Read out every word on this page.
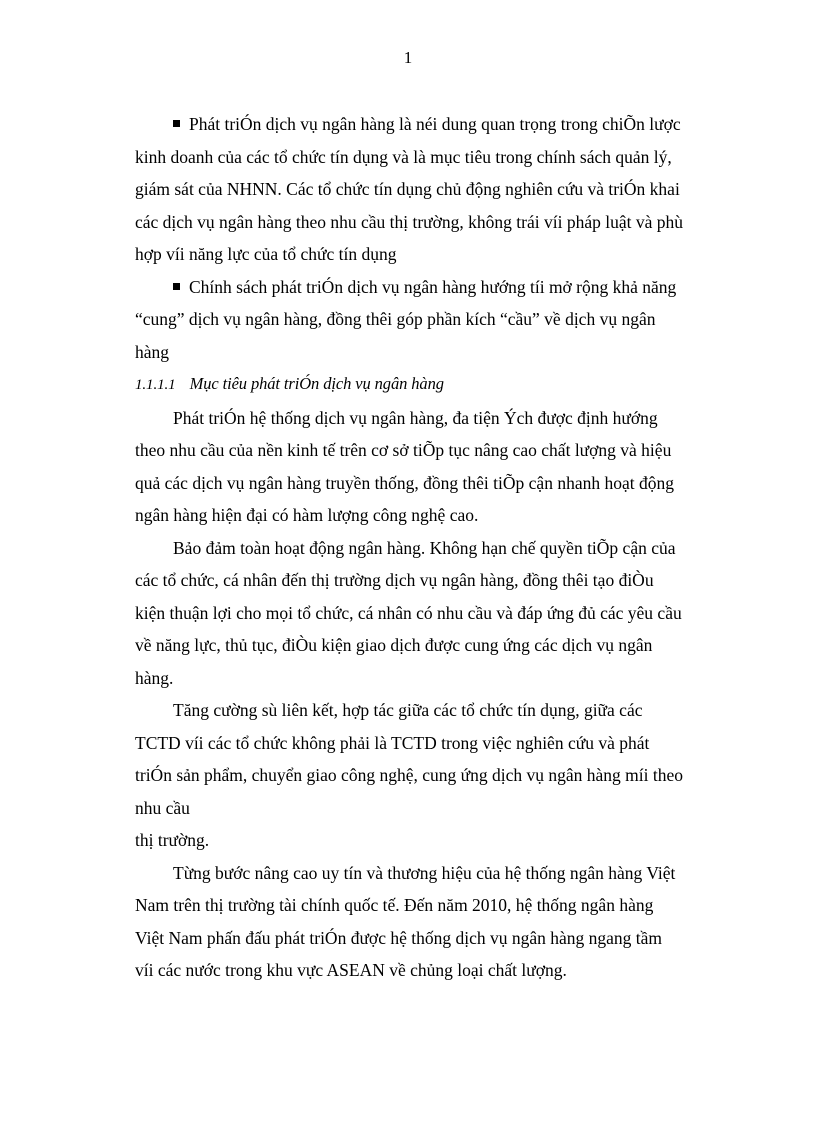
1

Phát triÓn dịch vụ ngân hàng là néi dung quan trọng trong chiÕn lược
kinh doanh của các tổ chức tín dụng và là mục tiêu trong chính sách quản lý,
giám sát của NHNN. Các tổ chức tín dụng chủ động nghiên cứu và triÓn khai
các dịch vụ ngân hàng theo nhu cầu thị trường, không trái víi pháp luật và phù
hợp víi năng lực của tổ chức tín dụng

Chính sách phát triÓn dịch vụ ngân hàng hướng tíi mở rộng khả năng
“cung” dịch vụ ngân hàng, đồng thêi góp phần kích “cầu” về dịch vụ ngân
hàng

1.1.1.1 Mục tiêu phát triÓn dịch vụ ngân hàng

Phát triÓn hệ thống dịch vụ ngân hàng, đa tiện Ých được định hướng
theo nhu cầu của nền kinh tế trên cơ sở tiÕp tục nâng cao chất lượng và hiệu
quả các dịch vụ ngân hàng truyền thống, đồng thêi tiÕp cận nhanh hoạt động
ngân hàng hiện đại có hàm lượng công nghệ cao.

Bảo đảm toàn hoạt động ngân hàng. Không hạn chế quyền tiÕp cận của
các tổ chức, cá nhân đến thị trường dịch vụ ngân hàng, đồng thêi tạo điÒu
kiện thuận lợi cho mọi tổ chức, cá nhân có nhu cầu và đáp ứng đủ các yêu cầu
về năng lực, thủ tục, điÒu kiện giao dịch được cung ứng các dịch vụ ngân
hàng.

Tăng cường sù liên kết, hợp tác giữa các tổ chức tín dụng, giữa các
TCTD víi các tổ chức không phải là TCTD trong việc nghiên cứu và phát
triÓn sản phẩm, chuyển giao công nghệ, cung ứng dịch vụ ngân hàng míi theo
nhu cầu
thị trường.

Từng bước nâng cao uy tín và thương hiệu của hệ thống ngân hàng Việt
Nam trên thị trường tài chính quốc tế. Đến năm 2010, hệ thống ngân hàng
Việt Nam phấn đấu phát triÓn được hệ thống dịch vụ ngân hàng ngang tầm
víi các nước trong khu vực ASEAN về chủng loại chất lượng.
